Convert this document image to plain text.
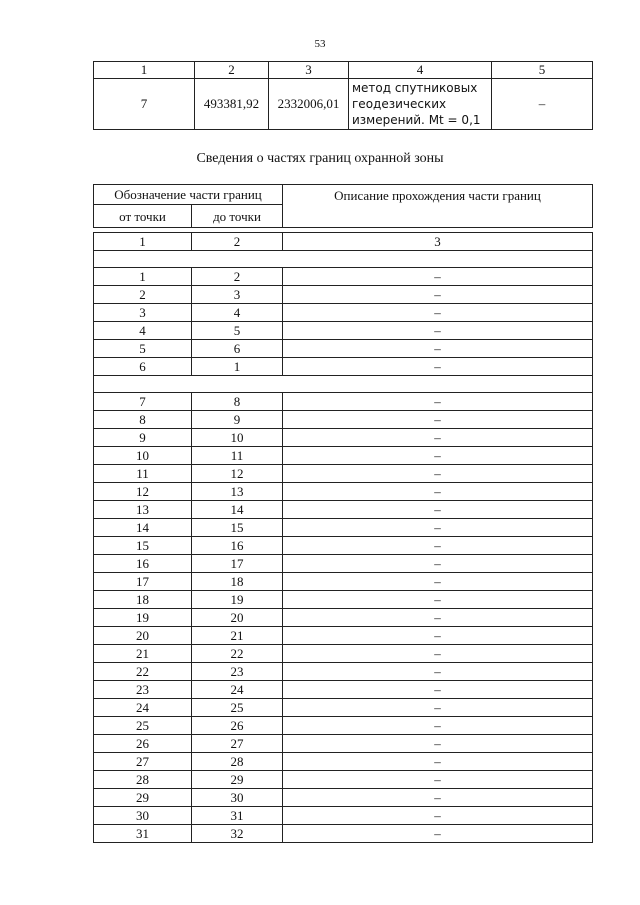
53
1	2	3	4	5
7	493381,92	2332006,01	метод спутниковых
геодезических
измерений. Mt = 0,1	–
Сведения о частях границ охранной зоны
Обозначение части границ		Описание прохождения части границ
от точки	до точки	

1	2	3

1	2	–
2	3	–
3	4	–
4	5	–
5	6	–
6	1	–

7	8	–
8	9	–
9	10	–
10	11	–
11	12	–
12	13	–
13	14	–
14	15	–
15	16	–
16	17	–
17	18	–
18	19	–
19	20	–
20	21	–
21	22	–
22	23	–
23	24	–
24	25	–
25	26	–
26	27	–
27	28	–
28	29	–
29	30	–
30	31	–
31	32	–
